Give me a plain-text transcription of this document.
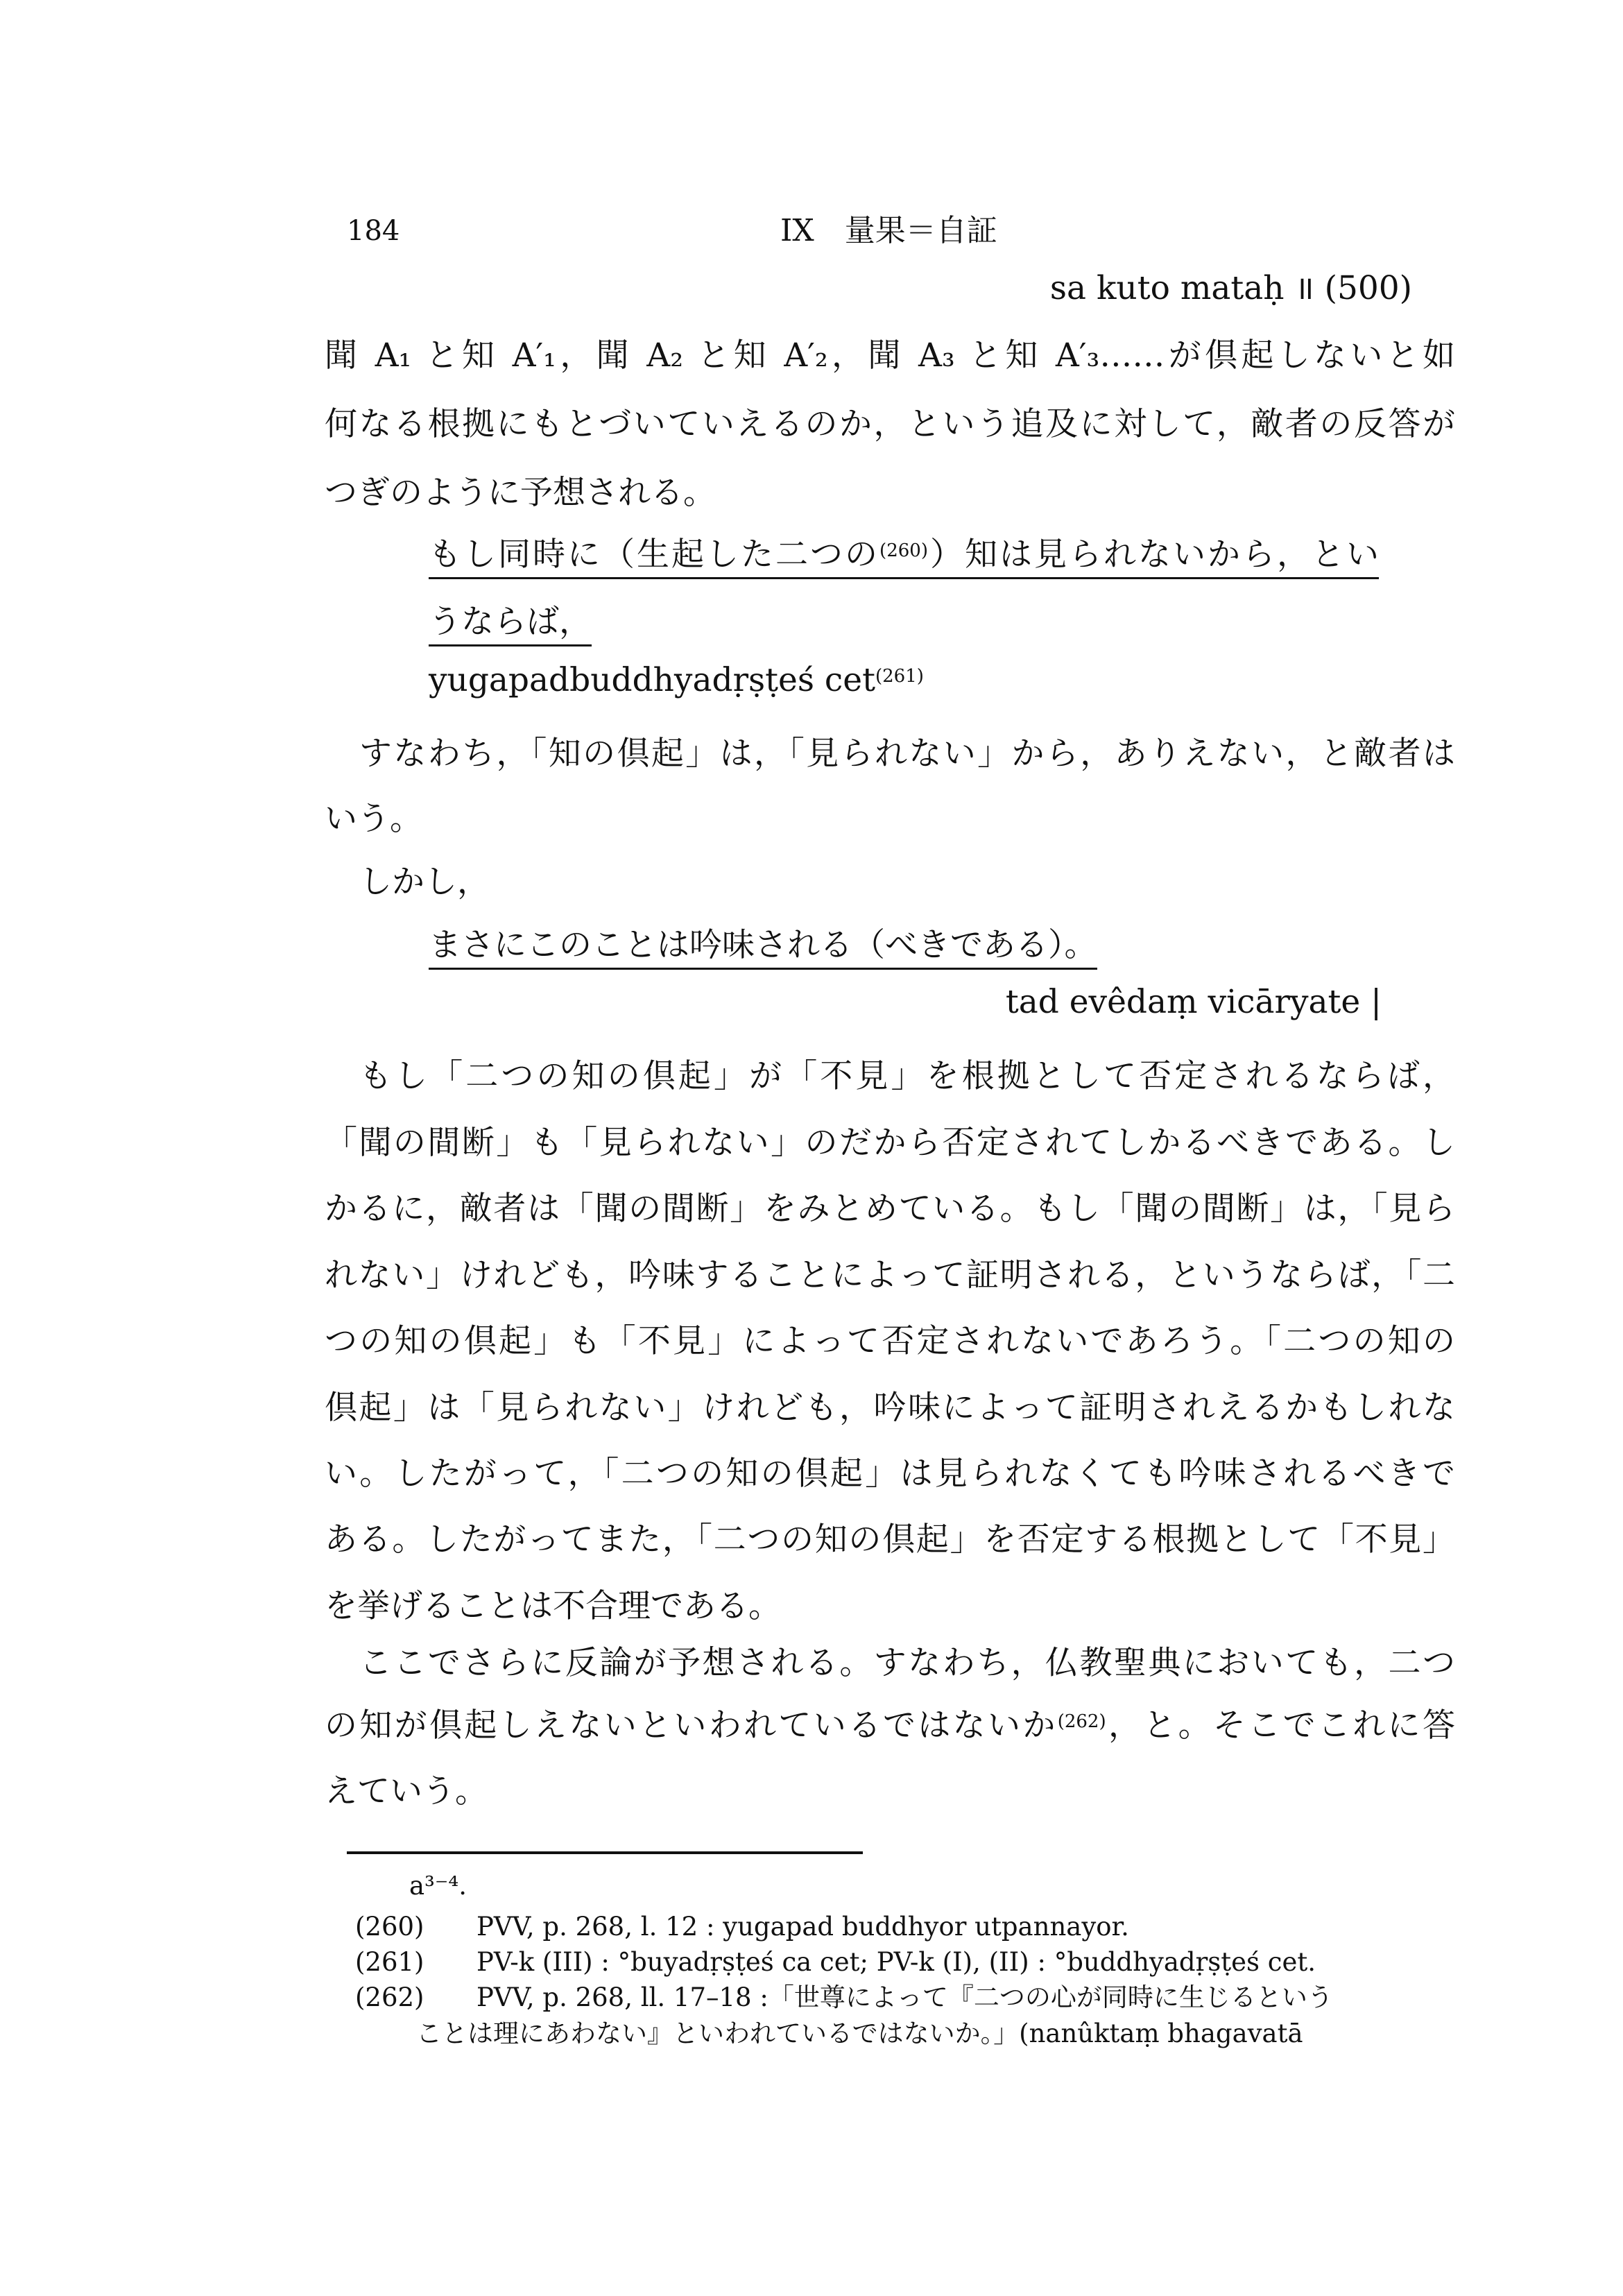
184	IX　量果＝自証
sa kuto mataḥ ॥ (500)
聞 A₁ と知 A′₁，聞 A₂ と知 A′₂，聞 A₃ と知 A′₃……が倶起しないと如
何なる根拠にもとづいていえるのか，という追及に対して，敵者の反答が
つぎのように予想される。
もし同時に（生起した二つの$^{(260)}$）知は見られないから，とい
うならば，
yugapadbuddhyadṛṣṭeś cet$^{(261)}$
すなわち，「知の倶起」は，「見られない」から，ありえない，と敵者は
いう。
しかし，
まさにこのことは吟味される（べきである）。
tad evêdaṃ vicāryate |
もし「二つの知の倶起」が「不見」を根拠として否定されるならば，
「聞の間断」も「見られない」のだから否定されてしかるべきである。し
かるに，敵者は「聞の間断」をみとめている。もし「聞の間断」は，「見ら
れない」けれども，吟味することによって証明される，というならば，「二
つの知の倶起」も「不見」によって否定されないであろう。「二つの知の
倶起」は「見られない」けれども，吟味によって証明されえるかもしれな
い。したがって，「二つの知の倶起」は見られなくても吟味されるべきで
ある。したがってまた，「二つの知の倶起」を否定する根拠として「不見」
を挙げることは不合理である。
ここでさらに反論が予想される。すなわち，仏教聖典においても，二つ
の知が倶起しえないといわれているではないか$^{(262)}$，と。そこでこれに答
えていう。
a³⁻⁴.
(260) PVV, p. 268, l. 12 : yugapad buddhyor utpannayor.
(261) PV-k (III) : °buyadṛṣṭeś ca cet; PV-k (I), (II) : °buddhyadṛṣṭeś cet.
(262) PVV, p. 268, ll. 17–18 :「世尊によって『二つの心が同時に生じるという
ことは理にあわない』といわれているではないか。」(nanûktaṃ bhagavatā
